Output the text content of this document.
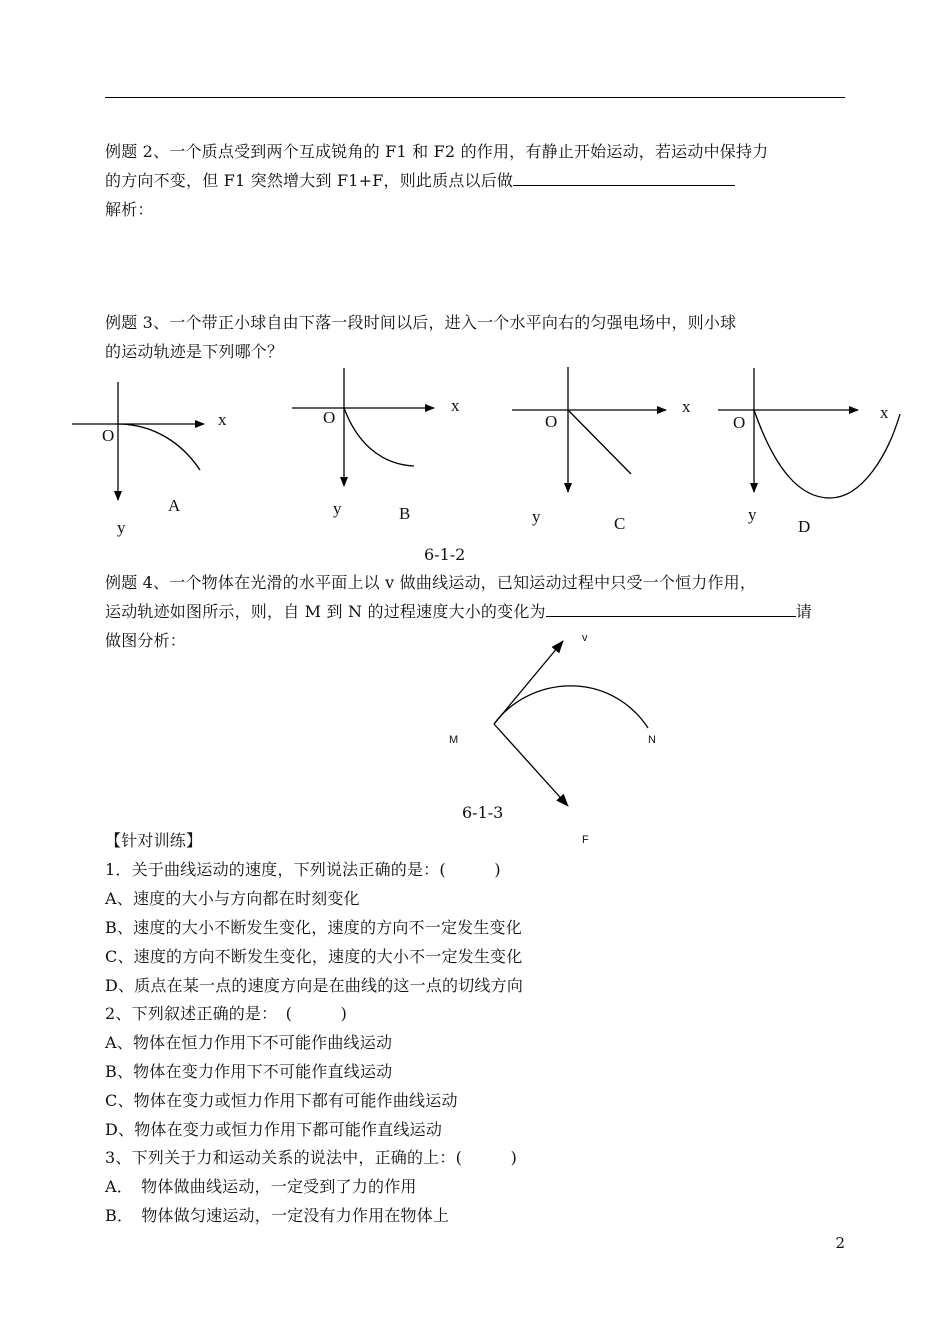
例题 2、一个质点受到两个互成锐角的 F1 和 F2 的作用，有静止开始运动，若运动中保持力
的方向不变，但 F1 突然增大到 F1+F，则此质点以后做
解析：
例题 3、一个带正小球自由下落一段时间以后，进入一个水平向右的匀强电场中，则小球
的运动轨迹是下列哪个？
O
x
y
A
O
x
y	B
O
x
y	C
O
x
y
D
6-1-2
例题 4、一个物体在光滑的水平面上以 v 做曲线运动，已知运动过程中只受一个恒力作用，
运动轨迹如图所示，则，自 M 到 N 的过程速度大小的变化为	请
做图分析：	v
M	N
F
6-1-3
【针对训练】
1．关于曲线运动的速度，下列说法正确的是：(　　　)
A、速度的大小与方向都在时刻变化
B、速度的大小不断发生变化，速度的方向不一定发生变化
C、速度的方向不断发生变化，速度的大小不一定发生变化
D、质点在某一点的速度方向是在曲线的这一点的切线方向
2、下列叙述正确的是：　(　　　)
A、物体在恒力作用下不可能作曲线运动
B、物体在变力作用下不可能作直线运动
C、物体在变力或恒力作用下都有可能作曲线运动
D、物体在变力或恒力作用下都可能作直线运动
3、下列关于力和运动关系的说法中，正确的上：(　　　)
A．　物体做曲线运动，一定受到了力的作用
B．　物体做匀速运动，一定没有力作用在物体上
2
